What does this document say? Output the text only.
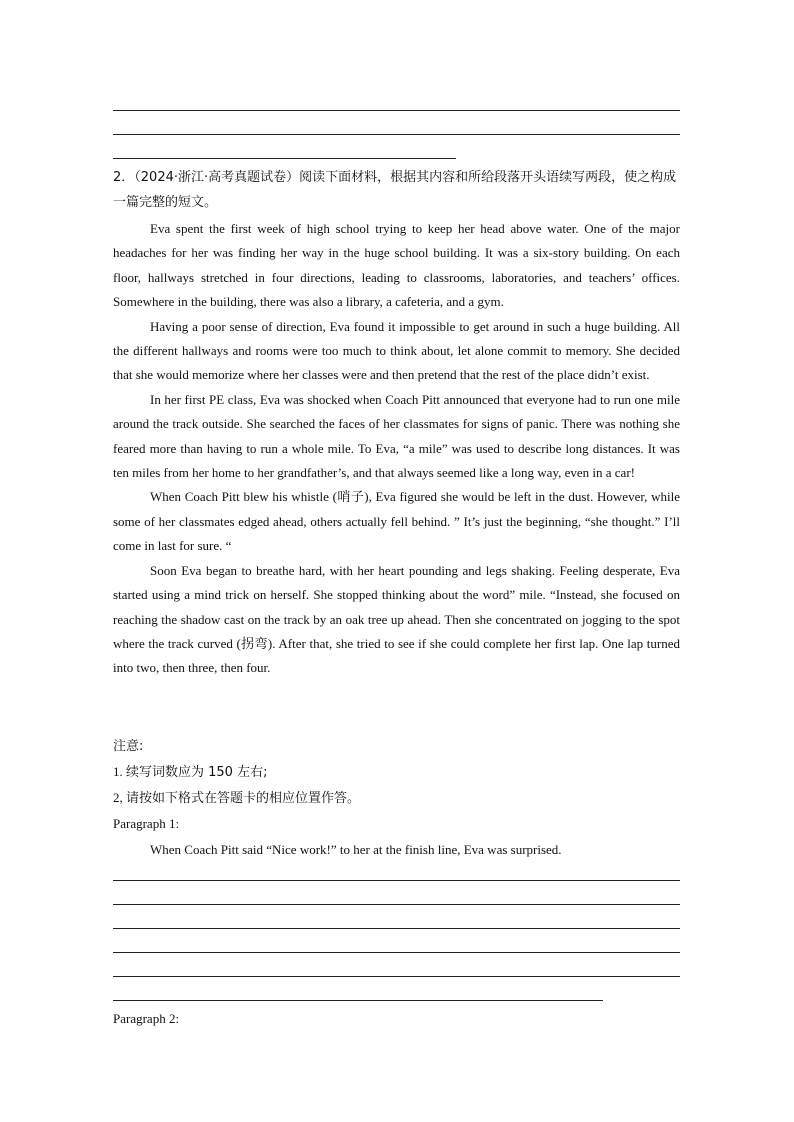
2．（2024·浙江·高考真题试卷）阅读下面材料，根据其内容和所给段落开头语续写两段，使之构成一篇完整的短文。

Eva spent the first week of high school trying to keep her head above water. One of the major headaches for her was finding her way in the huge school building. It was a six-story building. On each floor, hallways stretched in four directions, leading to classrooms, laboratories, and teachers’ offices. Somewhere in the building, there was also a library, a cafeteria, and a gym.

Having a poor sense of direction, Eva found it impossible to get around in such a huge building. All the different hallways and rooms were too much to think about, let alone commit to memory. She decided that she would memorize where her classes were and then pretend that the rest of the place didn’t exist.

In her first PE class, Eva was shocked when Coach Pitt announced that everyone had to run one mile around the track outside. She searched the faces of her classmates for signs of panic. There was nothing she feared more than having to run a whole mile. To Eva, “a mile” was used to describe long distances. It was ten miles from her home to her grandfather’s, and that always seemed like a long way, even in a car!

When Coach Pitt blew his whistle (哨子), Eva figured she would be left in the dust. However, while some of her classmates edged ahead, others actually fell behind. ” It’s just the beginning, “she thought.” I’ll come in last for sure. “

Soon Eva began to breathe hard, with her heart pounding and legs shaking. Feeling desperate, Eva started using a mind trick on herself. She stopped thinking about the word” mile. “Instead, she focused on reaching the shadow cast on the track by an oak tree up ahead. Then she concentrated on jogging to the spot where the track curved (拐弯). After that, she tried to see if she could complete her first lap. One lap turned into two, then three, then four.

注意:
1. 续写词数应为 150 左右;
2, 请按如下格式在答题卡的相应位置作答。
Paragraph 1:
When Coach Pitt said “Nice work!” to her at the finish line, Eva was surprised.
Paragraph 2:
